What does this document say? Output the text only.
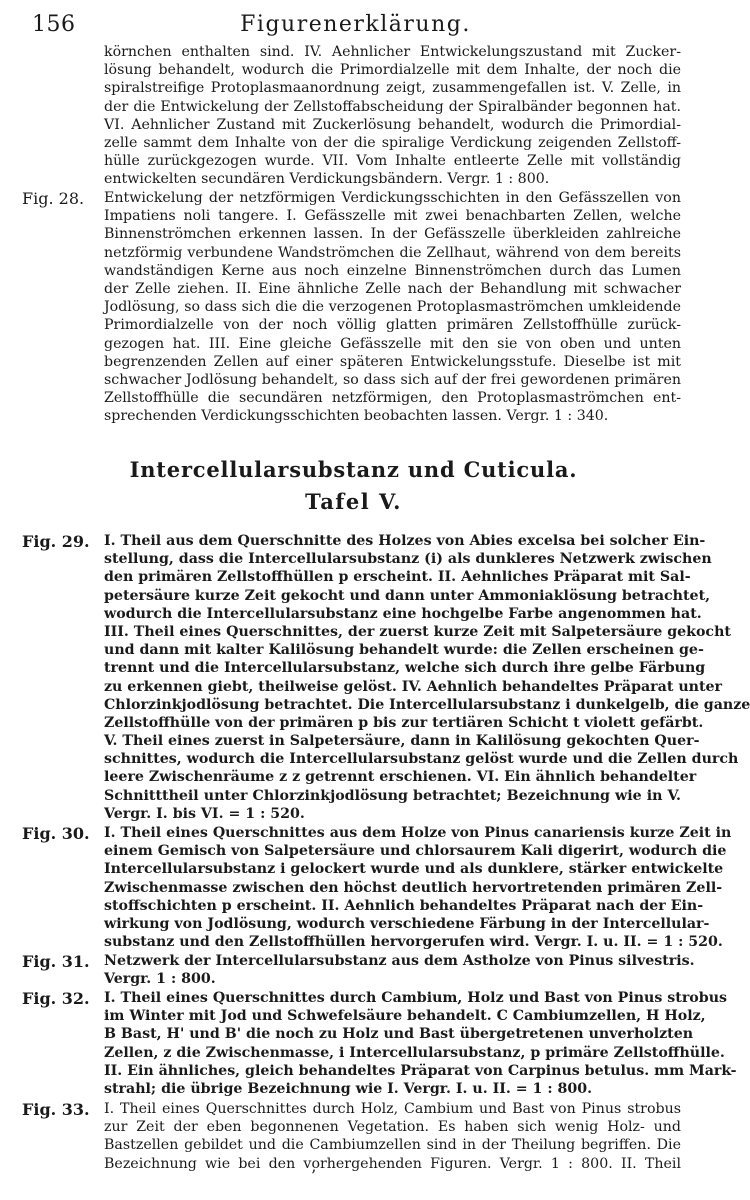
156	Figurenerklärung.
körnchen enthalten sind. IV. Aehnlicher Entwickelungszustand mit Zucker-
lösung behandelt, wodurch die Primordialzelle mit dem Inhalte, der noch die
spiralstreifige Protoplasmaanordnung zeigt, zusammengefallen ist. V. Zelle, in
der die Entwickelung der Zellstoffabscheidung der Spiralbänder begonnen hat.
VI. Aehnlicher Zustand mit Zuckerlösung behandelt, wodurch die Primordial-
zelle sammt dem Inhalte von der die spiralige Verdickung zeigenden Zellstoff-
hülle zurückgezogen wurde. VII. Vom Inhalte entleerte Zelle mit vollständig
entwickelten secundären Verdickungsbändern. Vergr. 1 : 800.
Fig. 28.	Entwickelung der netzförmigen Verdickungsschichten in den Gefässzellen von
Impatiens noli tangere. I. Gefässzelle mit zwei benachbarten Zellen, welche
Binnenströmchen erkennen lassen. In der Gefässzelle überkleiden zahlreiche
netzförmig verbundene Wandströmchen die Zellhaut, während von dem bereits
wandständigen Kerne aus noch einzelne Binnenströmchen durch das Lumen
der Zelle ziehen. II. Eine ähnliche Zelle nach der Behandlung mit schwacher
Jodlösung, so dass sich die die verzogenen Protoplasmaströmchen umkleidende
Primordialzelle von der noch völlig glatten primären Zellstoffhülle zurück-
gezogen hat. III. Eine gleiche Gefässzelle mit den sie von oben und unten
begrenzenden Zellen auf einer späteren Entwickelungsstufe. Dieselbe ist mit
schwacher Jodlösung behandelt, so dass sich auf der frei gewordenen primären
Zellstoffhülle die secundären netzförmigen, den Protoplasmaströmchen ent-
sprechenden Verdickungsschichten beobachten lassen. Vergr. 1 : 340.
Intercellularsubstanz und Cuticula.
Tafel V.
Fig. 29.	I. Theil aus dem Querschnitte des Holzes von Abies excelsa bei solcher Ein-
stellung, dass die Intercellularsubstanz (i) als dunkleres Netzwerk zwischen
den primären Zellstoffhüllen p erscheint. II. Aehnliches Präparat mit Sal-
petersäure kurze Zeit gekocht und dann unter Ammoniaklösung betrachtet,
wodurch die Intercellularsubstanz eine hochgelbe Farbe angenommen hat.
III. Theil eines Querschnittes, der zuerst kurze Zeit mit Salpetersäure gekocht
und dann mit kalter Kalilösung behandelt wurde: die Zellen erscheinen ge-
trennt und die Intercellularsubstanz, welche sich durch ihre gelbe Färbung
zu erkennen giebt, theilweise gelöst. IV. Aehnlich behandeltes Präparat unter
Chlorzinkjodlösung betrachtet. Die Intercellularsubstanz i dunkelgelb, die ganze
Zellstoffhülle von der primären p bis zur tertiären Schicht t violett gefärbt.
V. Theil eines zuerst in Salpetersäure, dann in Kalilösung gekochten Quer-
schnittes, wodurch die Intercellularsubstanz gelöst wurde und die Zellen durch
leere Zwischenräume z z getrennt erschienen. VI. Ein ähnlich behandelter
Schnitttheil unter Chlorzinkjodlösung betrachtet; Bezeichnung wie in V.
Vergr. I. bis VI. = 1 : 520.
Fig. 30.	I. Theil eines Querschnittes aus dem Holze von Pinus canariensis kurze Zeit in
einem Gemisch von Salpetersäure und chlorsaurem Kali digerirt, wodurch die
Intercellularsubstanz i gelockert wurde und als dunklere, stärker entwickelte
Zwischenmasse zwischen den höchst deutlich hervortretenden primären Zell-
stoffschichten p erscheint. II. Aehnlich behandeltes Präparat nach der Ein-
wirkung von Jodlösung, wodurch verschiedene Färbung in der Intercellular-
substanz und den Zellstoffhüllen hervorgerufen wird. Vergr. I. u. II. = 1 : 520.
Fig. 31.	Netzwerk der Intercellularsubstanz aus dem Astholze von Pinus silvestris.
Vergr. 1 : 800.
Fig. 32.	I. Theil eines Querschnittes durch Cambium, Holz und Bast von Pinus strobus
im Winter mit Jod und Schwefelsäure behandelt. C Cambiumzellen, H Holz,
B Bast, H' und B' die noch zu Holz und Bast übergetretenen unverholzten
Zellen, z die Zwischenmasse, i Intercellularsubstanz, p primäre Zellstoffhülle.
II. Ein ähnliches, gleich behandeltes Präparat von Carpinus betulus. mm Mark-
strahl; die übrige Bezeichnung wie I. Vergr. I. u. II. = 1 : 800.
Fig. 33.	I. Theil eines Querschnittes durch Holz, Cambium und Bast von Pinus strobus
zur Zeit der eben begonnenen Vegetation. Es haben sich wenig Holz- und
Bastzellen gebildet und die Cambiumzellen sind in der Theilung begriffen. Die
Bezeichnung wie bei den vorhergehenden Figuren. Vergr. 1 : 800. II. Theil
’
